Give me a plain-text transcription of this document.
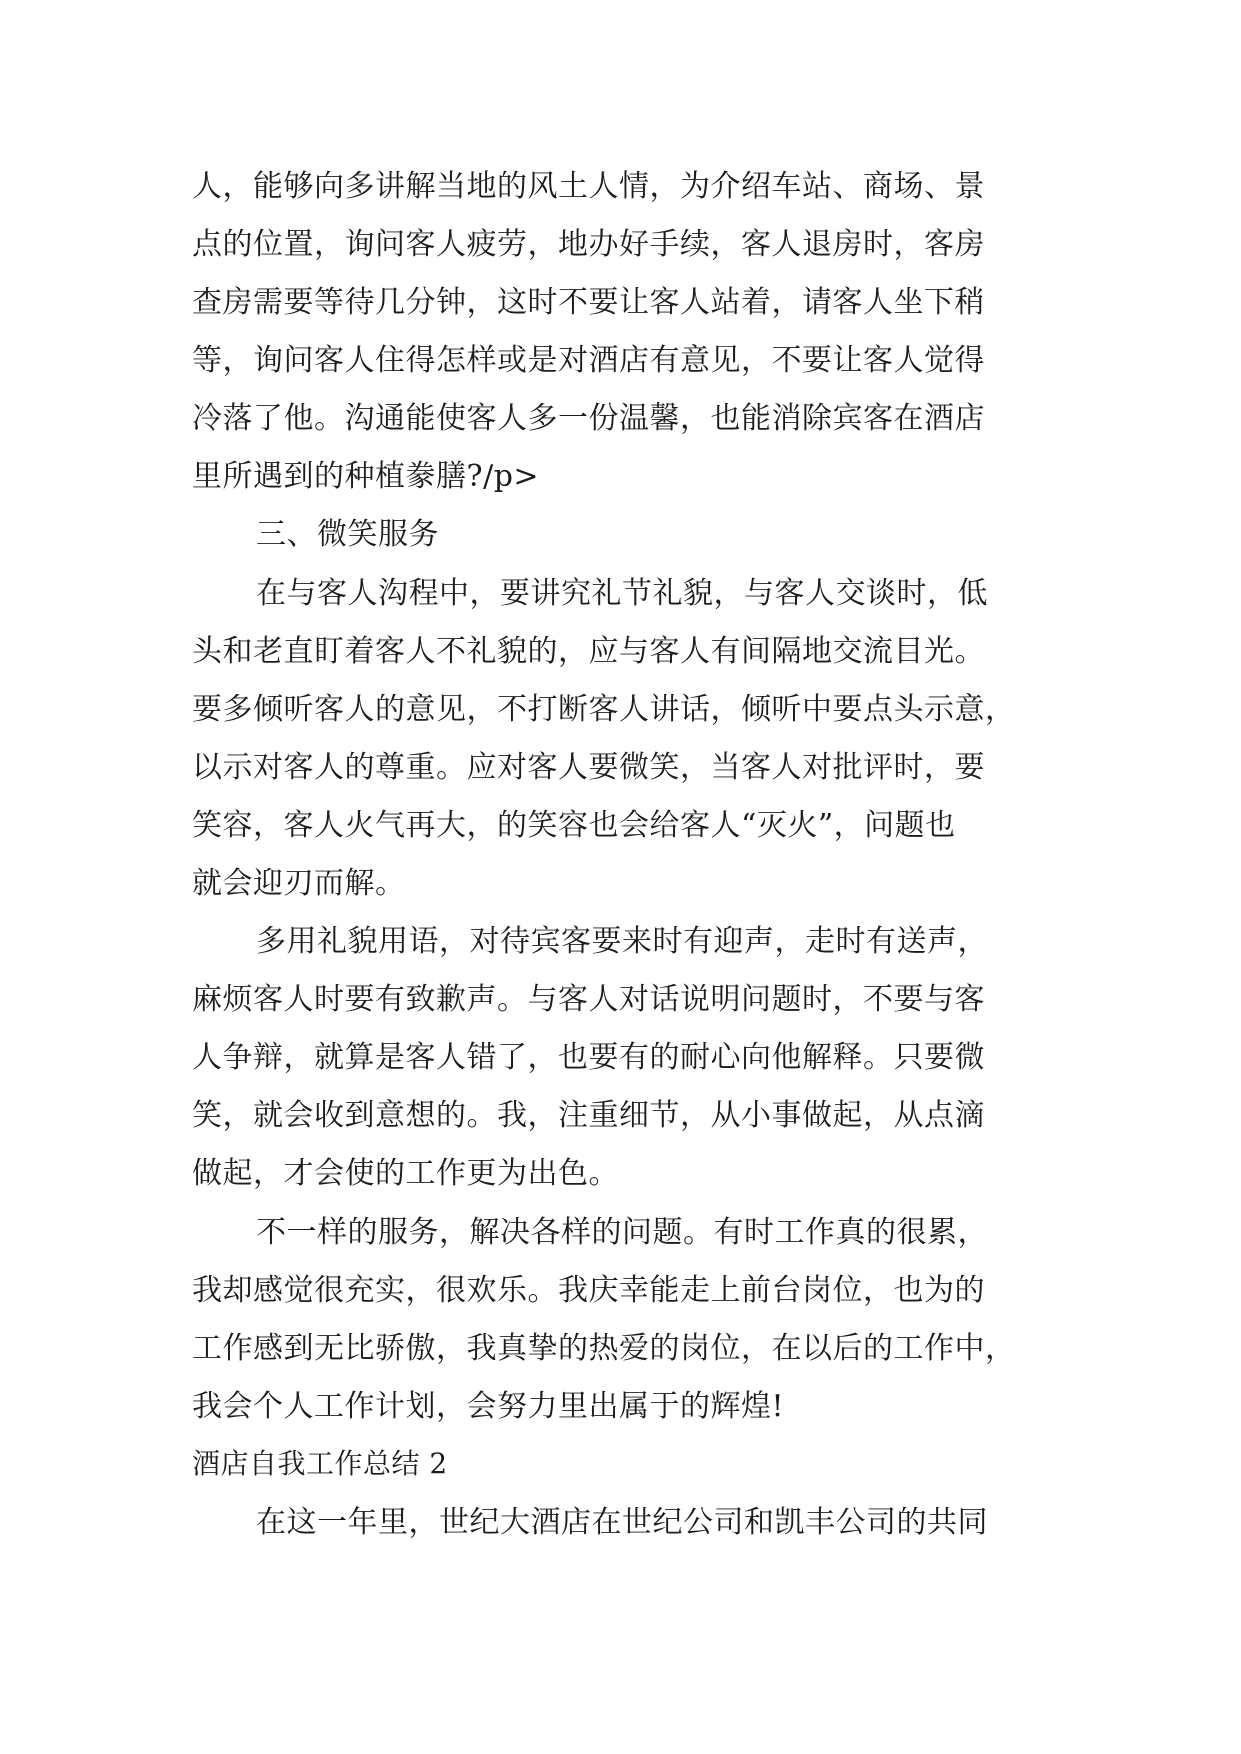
人，能够向多讲解当地的风土人情，为介绍车站、商场、景
点的位置，询问客人疲劳，地办好手续，客人退房时，客房
查房需要等待几分钟，这时不要让客人站着，请客人坐下稍
等，询问客人住得怎样或是对酒店有意见，不要让客人觉得
冷落了他。沟通能使客人多一份温馨，也能消除宾客在酒店
里所遇到的种植豢膳?/p>
三、微笑服务
在与客人沟程中，要讲究礼节礼貌，与客人交谈时，低
头和老直盯着客人不礼貌的，应与客人有间隔地交流目光。
要多倾听客人的意见，不打断客人讲话，倾听中要点头示意，
以示对客人的尊重。应对客人要微笑，当客人对批评时，要
笑容，客人火气再大，的笑容也会给客人“灭火”，问题也
就会迎刃而解。
多用礼貌用语，对待宾客要来时有迎声，走时有送声，
麻烦客人时要有致歉声。与客人对话说明问题时，不要与客
人争辩，就算是客人错了，也要有的耐心向他解释。只要微
笑，就会收到意想的。我，注重细节，从小事做起，从点滴
做起，才会使的工作更为出色。
不一样的服务，解决各样的问题。有时工作真的很累，
我却感觉很充实，很欢乐。我庆幸能走上前台岗位，也为的
工作感到无比骄傲，我真挚的热爱的岗位，在以后的工作中，
我会个人工作计划，会努力里出属于的辉煌!
酒店自我工作总结 2
在这一年里，世纪大酒店在世纪公司和凯丰公司的共同
